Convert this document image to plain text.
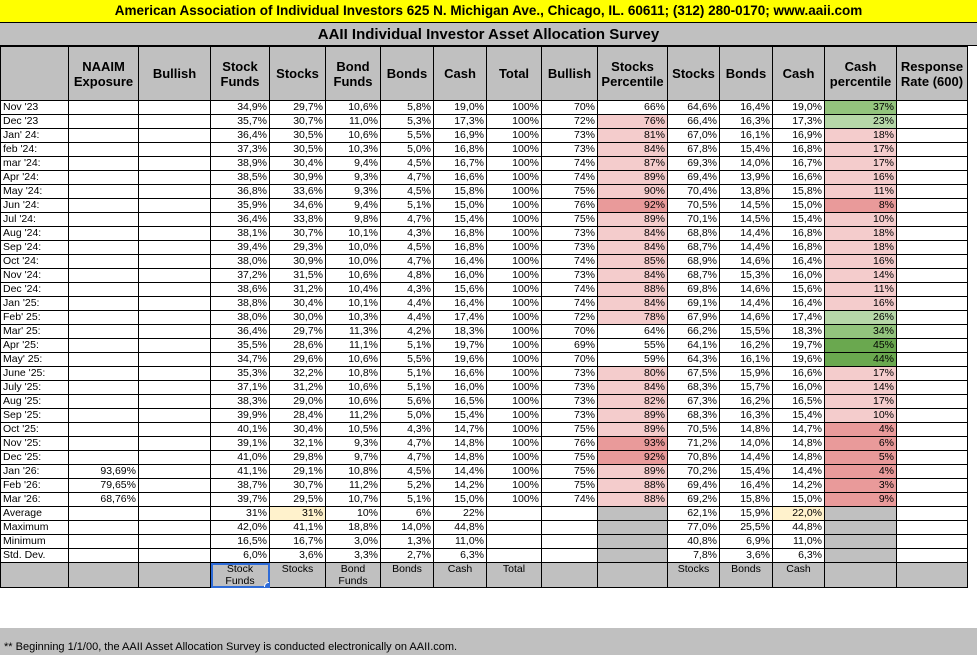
American Association of Individual Investors 625 N. Michigan Ave., Chicago, IL. 60611; (312) 280-0170; www.aaii.com
AAII Individual Investor Asset Allocation Survey
	NAAIM Exposure	Bullish	Stock Funds	Stocks	Bond Funds	Bonds	Cash	Total	Bullish	Stocks Percentile	Stocks	Bonds	Cash	Cash percentile	Response Rate (600)
Nov '23			34,9%	29,7%	10,6%	5,8%	19,0%	100%	70%	66%	64,6%	16,4%	19,0%	37%	
Dec '23			35,7%	30,7%	11,0%	5,3%	17,3%	100%	72%	76%	66,4%	16,3%	17,3%	23%	
Jan' 24:			36,4%	30,5%	10,6%	5,5%	16,9%	100%	73%	81%	67,0%	16,1%	16,9%	18%	
feb '24:			37,3%	30,5%	10,3%	5,0%	16,8%	100%	73%	84%	67,8%	15,4%	16,8%	17%	
mar '24:			38,9%	30,4%	9,4%	4,5%	16,7%	100%	74%	87%	69,3%	14,0%	16,7%	17%	
Apr '24:			38,5%	30,9%	9,3%	4,7%	16,6%	100%	74%	89%	69,4%	13,9%	16,6%	16%	
May '24:			36,8%	33,6%	9,3%	4,5%	15,8%	100%	75%	90%	70,4%	13,8%	15,8%	11%	
Jun '24:			35,9%	34,6%	9,4%	5,1%	15,0%	100%	76%	92%	70,5%	14,5%	15,0%	8%	
Jul '24:			36,4%	33,8%	9,8%	4,7%	15,4%	100%	75%	89%	70,1%	14,5%	15,4%	10%	
Aug '24:			38,1%	30,7%	10,1%	4,3%	16,8%	100%	73%	84%	68,8%	14,4%	16,8%	18%	
Sep '24:			39,4%	29,3%	10,0%	4,5%	16,8%	100%	73%	84%	68,7%	14,4%	16,8%	18%	
Oct '24:			38,0%	30,9%	10,0%	4,7%	16,4%	100%	74%	85%	68,9%	14,6%	16,4%	16%	
Nov '24:			37,2%	31,5%	10,6%	4,8%	16,0%	100%	73%	84%	68,7%	15,3%	16,0%	14%	
Dec '24:			38,6%	31,2%	10,4%	4,3%	15,6%	100%	74%	88%	69,8%	14,6%	15,6%	11%	
Jan '25:			38,8%	30,4%	10,1%	4,4%	16,4%	100%	74%	84%	69,1%	14,4%	16,4%	16%	
Feb' 25:			38,0%	30,0%	10,3%	4,4%	17,4%	100%	72%	78%	67,9%	14,6%	17,4%	26%	
Mar' 25:			36,4%	29,7%	11,3%	4,2%	18,3%	100%	70%	64%	66,2%	15,5%	18,3%	34%	
Apr '25:			35,5%	28,6%	11,1%	5,1%	19,7%	100%	69%	55%	64,1%	16,2%	19,7%	45%	
May' 25:			34,7%	29,6%	10,6%	5,5%	19,6%	100%	70%	59%	64,3%	16,1%	19,6%	44%	
June '25:			35,3%	32,2%	10,8%	5,1%	16,6%	100%	73%	80%	67,5%	15,9%	16,6%	17%	
July '25:			37,1%	31,2%	10,6%	5,1%	16,0%	100%	73%	84%	68,3%	15,7%	16,0%	14%	
Aug '25:			38,3%	29,0%	10,6%	5,6%	16,5%	100%	73%	82%	67,3%	16,2%	16,5%	17%	
Sep '25:			39,9%	28,4%	11,2%	5,0%	15,4%	100%	73%	89%	68,3%	16,3%	15,4%	10%	
Oct '25:			40,1%	30,4%	10,5%	4,3%	14,7%	100%	75%	89%	70,5%	14,8%	14,7%	4%	
Nov '25:			39,1%	32,1%	9,3%	4,7%	14,8%	100%	76%	93%	71,2%	14,0%	14,8%	6%	
Dec '25:			41,0%	29,8%	9,7%	4,7%	14,8%	100%	75%	92%	70,8%	14,4%	14,8%	5%	
Jan '26:	93,69%		41,1%	29,1%	10,8%	4,5%	14,4%	100%	75%	89%	70,2%	15,4%	14,4%	4%	
Feb '26:	79,65%		38,7%	30,7%	11,2%	5,2%	14,2%	100%	75%	88%	69,4%	16,4%	14,2%	3%	
Mar '26:	68,76%		39,7%	29,5%	10,7%	5,1%	15,0%	100%	74%	88%	69,2%	15,8%	15,0%	9%	
Average			31%	31%	10%	6%	22%				62,1%	15,9%	22,0%		
Maximum			42,0%	41,1%	18,8%	14,0%	44,8%				77,0%	25,5%	44,8%		
Minimum			16,5%	16,7%	3,0%	1,3%	11,0%				40,8%	6,9%	11,0%		
Std. Dev.			6,0%	3,6%	3,3%	2,7%	6,3%				7,8%	3,6%	6,3%		
			Stock Funds	Stocks	Bond Funds	Bonds	Cash	Total			Stocks	Bonds	Cash		
** Beginning 1/1/00, the AAII Asset Allocation Survey is conducted electronically on AAII.com.
